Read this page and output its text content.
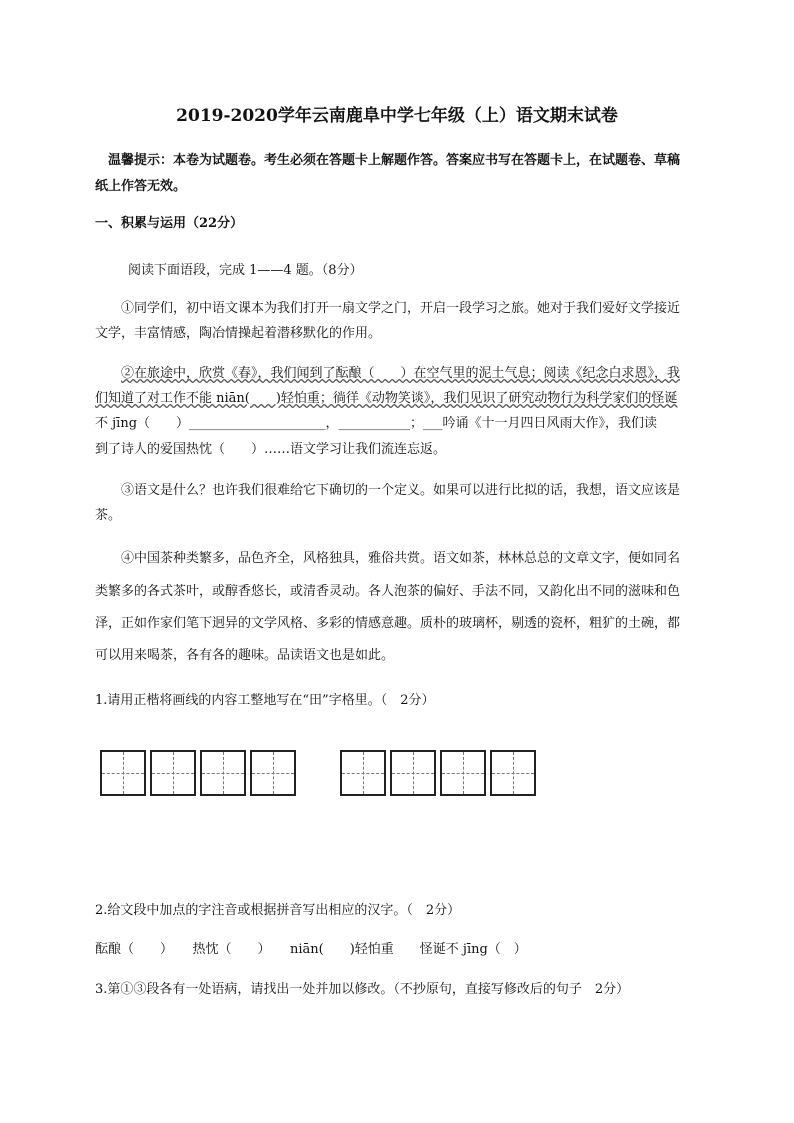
2019-2020学年云南鹿阜中学七年级（上）语文期末试卷
温馨提示：本卷为试题卷。考生必须在答题卡上解题作答。答案应书写在答题卡上，在试题卷、草稿
纸上作答无效。
一、积累与运用（22分）
阅读下面语段，完成 1——4 题。（8分）
①同学们，初中语文课本为我们打开一扇文学之门，开启一段学习之旅。她对于我们爱好文学接近
文学，丰富情感，陶冶情操起着潜移默化的作用。
②在旅途中，欣赏《春》，我们闻到了酝酿（　　）在空气里的泥土气息；阅读《纪念白求恩》，我
们知道了对工作不能 niān(　　)轻怕重；徜徉《动物笑谈》，我们见识了研究动物行为科学家们的怪诞
不 jīng（　　）_____________________，___________；___吟诵《十一月四日风雨大作》，我们读
到了诗人的爱国热忱（　　）……语文学习让我们流连忘返。
③语文是什么？也许我们很难给它下确切的一个定义。如果可以进行比拟的话，我想，语文应该是
茶。
④中国茶种类繁多，品色齐全，风格独具，雅俗共赏。语文如茶，林林总总的文章文字，便如同名
类繁多的各式茶叶，或醇香悠长，或清香灵动。各人泡茶的偏好、手法不同，又韵化出不同的滋味和色
泽，正如作家们笔下迥异的文学风格、多彩的情感意趣。质朴的玻璃杯，剔透的瓷杯，粗犷的土碗，都
可以用来喝茶，各有各的趣味。品读语文也是如此。
1.请用正楷将画线的内容工整地写在“田”字格里。（　2分）
2.给文段中加点的字注音或根据拼音写出相应的汉字。（　2分）
酝酿（　　）　　热忱（　　）　　niān(　　)轻怕重　　怪诞不 jīng（　）
3.第①③段各有一处语病，请找出一处并加以修改。（不抄原句，直接写修改后的句子　2分）
